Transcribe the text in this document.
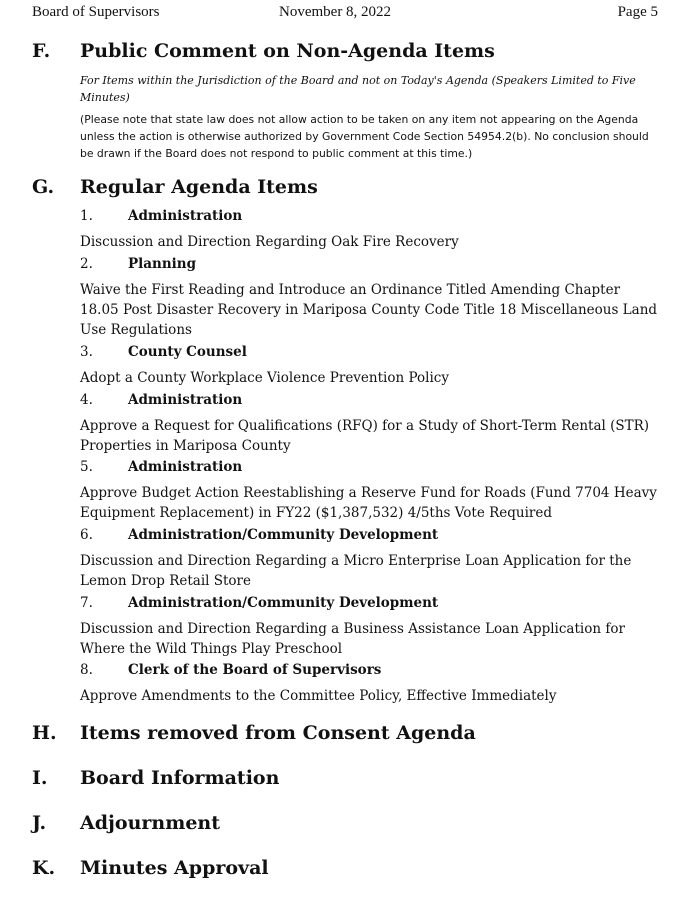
Board of Supervisors	November 8, 2022	Page 5
F. Public Comment on Non-Agenda Items
For Items within the Jurisdiction of the Board and not on Today's Agenda (Speakers Limited to Five Minutes)
(Please note that state law does not allow action to be taken on any item not appearing on the Agenda unless the action is otherwise authorized by Government Code Section 54954.2(b). No conclusion should be drawn if the Board does not respond to public comment at this time.)
G. Regular Agenda Items
1.	Administration
Discussion and Direction Regarding Oak Fire Recovery
2.	Planning
Waive the First Reading and Introduce an Ordinance Titled Amending Chapter 18.05 Post Disaster Recovery in Mariposa County Code Title 18 Miscellaneous Land Use Regulations
3.	County Counsel
Adopt a County Workplace Violence Prevention Policy
4.	Administration
Approve a Request for Qualifications (RFQ) for a Study of Short-Term Rental (STR) Properties in Mariposa County
5.	Administration
Approve Budget Action Reestablishing a Reserve Fund for Roads (Fund 7704 Heavy Equipment Replacement) in FY22 ($1,387,532) 4/5ths Vote Required
6.	Administration/Community Development
Discussion and Direction Regarding a Micro Enterprise Loan Application for the Lemon Drop Retail Store
7.	Administration/Community Development
Discussion and Direction Regarding a Business Assistance Loan Application for Where the Wild Things Play Preschool
8.	Clerk of the Board of Supervisors
Approve Amendments to the Committee Policy, Effective Immediately
H. Items removed from Consent Agenda
I. Board Information
J. Adjournment
K. Minutes Approval
